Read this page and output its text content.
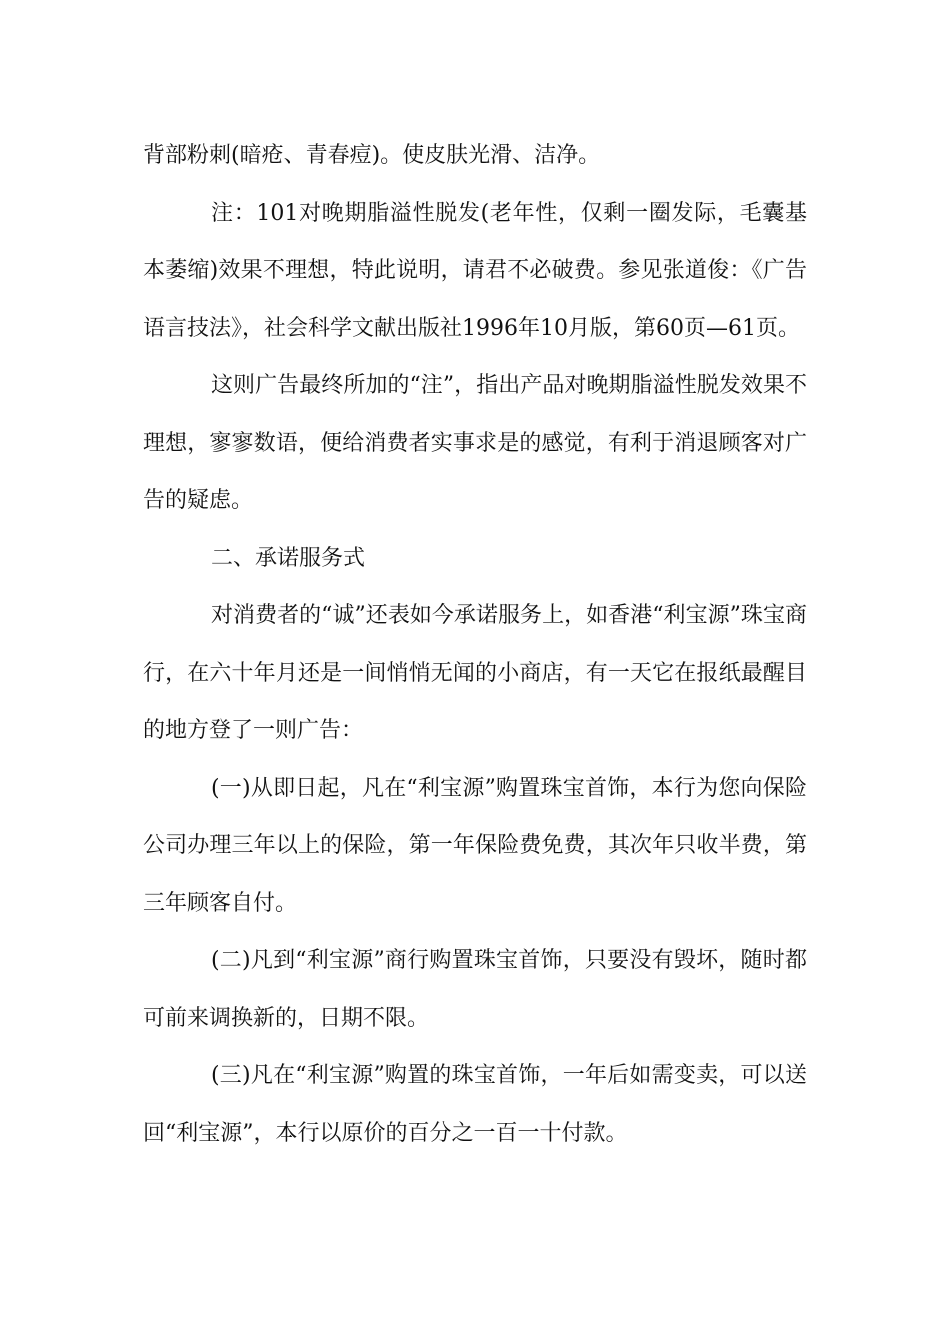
背部粉刺(暗疮、青春痘)。使皮肤光滑、洁净。

注：101对晚期脂溢性脱发(老年性，仅剩一圈发际，毛囊基本萎缩)效果不理想，特此说明，请君不必破费。参见张道俊：《广告语言技法》，社会科学文献出版社1996年10月版，第60页—61页。

这则广告最终所加的“注”，指出产品对晚期脂溢性脱发效果不理想，寥寥数语，便给消费者实事求是的感觉，有利于消退顾客对广告的疑虑。

二、承诺服务式

对消费者的“诚”还表如今承诺服务上，如香港“利宝源”珠宝商行，在六十年月还是一间悄悄无闻的小商店，有一天它在报纸最醒目的地方登了一则广告：

(一)从即日起，凡在“利宝源”购置珠宝首饰，本行为您向保险公司办理三年以上的保险，第一年保险费免费，其次年只收半费，第三年顾客自付。

(二)凡到“利宝源”商行购置珠宝首饰，只要没有毁坏，随时都可前来调换新的，日期不限。

(三)凡在“利宝源”购置的珠宝首饰，一年后如需变卖，可以送回“利宝源”，本行以原价的百分之一百一十付款。
